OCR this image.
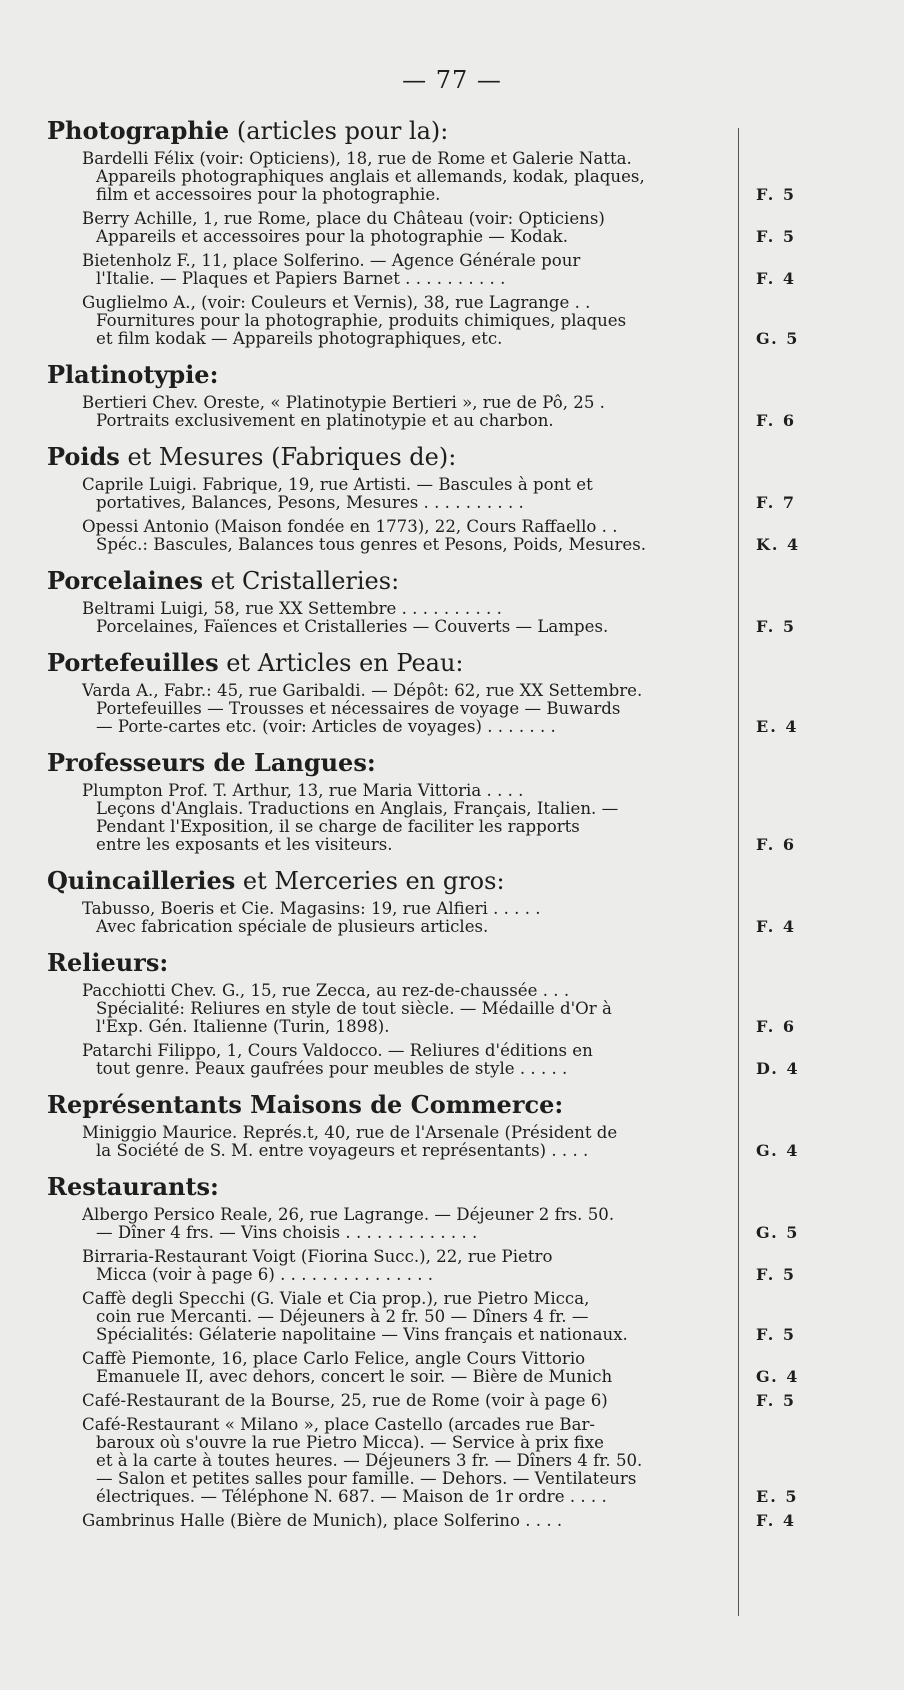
— 77 —
Photographie (articles pour la):
Bardelli Félix (voir: Opticiens), 18, rue de Rome et Galerie Natta.
Appareils photographiques anglais et allemands, kodak, plaques,
film et accessoires pour la photographie.	F. 5
Berry Achille, 1, rue Rome, place du Château (voir: Opticiens)
Appareils et accessoires pour la photographie — Kodak.	F. 5
Bietenholz F., 11, place Solferino. — Agence Générale pour
l'Italie. — Plaques et Papiers Barnet . . . . . . . . . .	F. 4
Guglielmo A., (voir: Couleurs et Vernis), 38, rue Lagrange . .
Fournitures pour la photographie, produits chimiques, plaques
et film kodak — Appareils photographiques, etc.	G. 5
Platinotypie:
Bertieri Chev. Oreste, « Platinotypie Bertieri », rue de Pô, 25 .
Portraits exclusivement en platinotypie et au charbon.	F. 6
Poids et Mesures (Fabriques de):
Caprile Luigi. Fabrique, 19, rue Artisti. — Bascules à pont et
portatives, Balances, Pesons, Mesures . . . . . . . . . .	F. 7
Opessi Antonio (Maison fondée en 1773), 22, Cours Raffaello . .
Spéc.: Bascules, Balances tous genres et Pesons, Poids, Mesures.	K. 4
Porcelaines et Cristalleries:
Beltrami Luigi, 58, rue XX Settembre . . . . . . . . . .
Porcelaines, Faïences et Cristalleries — Couverts — Lampes.	F. 5
Portefeuilles et Articles en Peau:
Varda A., Fabr.: 45, rue Garibaldi. — Dépôt: 62, rue XX Settembre.
Portefeuilles — Trousses et nécessaires de voyage — Buwards
— Porte-cartes etc. (voir: Articles de voyages) . . . . . . .	E. 4
Professeurs de Langues:
Plumpton Prof. T. Arthur, 13, rue Maria Vittoria . . . .
Leçons d'Anglais. Traductions en Anglais, Français, Italien. —
Pendant l'Exposition, il se charge de faciliter les rapports
entre les exposants et les visiteurs.	F. 6
Quincailleries et Merceries en gros:
Tabusso, Boeris et Cie. Magasins: 19, rue Alfieri . . . . .
Avec fabrication spéciale de plusieurs articles.	F. 4
Relieurs:
Pacchiotti Chev. G., 15, rue Zecca, au rez-de-chaussée . . .
Spécialité: Reliures en style de tout siècle. — Médaille d'Or à
l'Exp. Gén. Italienne (Turin, 1898).	F. 6
Patarchi Filippo, 1, Cours Valdocco. — Reliures d'éditions en
tout genre. Peaux gaufrées pour meubles de style . . . . .	D. 4
Représentants Maisons de Commerce:
Miniggio Maurice. Représ.t, 40, rue de l'Arsenale (Président de
la Société de S. M. entre voyageurs et représentants) . . . .	G. 4
Restaurants:
Albergo Persico Reale, 26, rue Lagrange. — Déjeuner 2 frs. 50.
— Dîner 4 frs. — Vins choisis . . . . . . . . . . . . .	G. 5
Birraria-Restaurant Voigt (Fiorina Succ.), 22, rue Pietro
Micca (voir à page 6) . . . . . . . . . . . . . . .	F. 5
Caffè degli Specchi (G. Viale et Cia prop.), rue Pietro Micca,
coin rue Mercanti. — Déjeuners à 2 fr. 50 — Dîners 4 fr. —
Spécialités: Gélaterie napolitaine — Vins français et nationaux.	F. 5
Caffè Piemonte, 16, place Carlo Felice, angle Cours Vittorio
Emanuele II, avec dehors, concert le soir. — Bière de Munich	G. 4
Café-Restaurant de la Bourse, 25, rue de Rome (voir à page 6)	F. 5
Café-Restaurant « Milano », place Castello (arcades rue Bar-
baroux où s'ouvre la rue Pietro Micca). — Service à prix fixe
et à la carte à toutes heures. — Déjeuners 3 fr. — Dîners 4 fr. 50.
— Salon et petites salles pour famille. — Dehors. — Ventilateurs
électriques. — Téléphone N. 687. — Maison de 1r ordre . . . .	E. 5
Gambrinus Halle (Bière de Munich), place Solferino . . . .	F. 4
